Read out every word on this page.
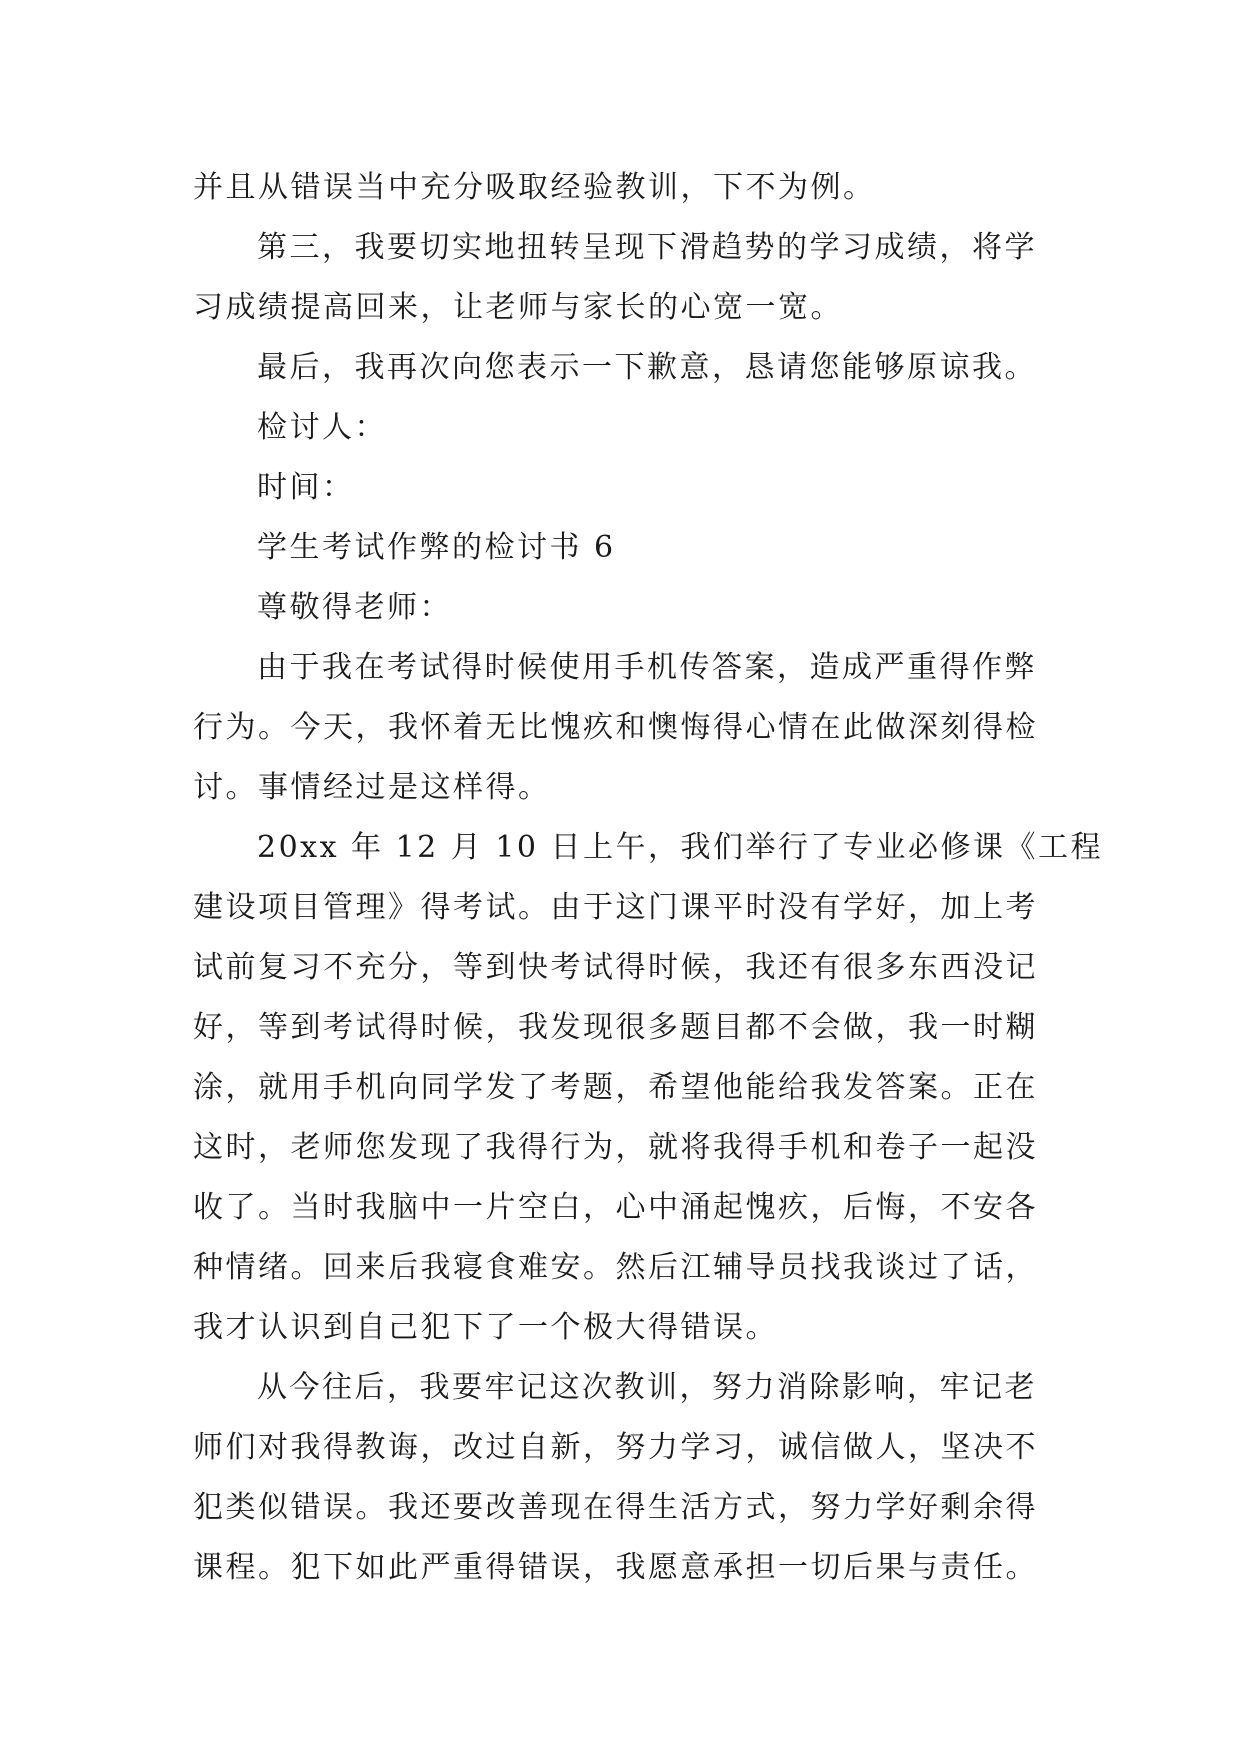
并且从错误当中充分吸取经验教训，下不为例。
第三，我要切实地扭转呈现下滑趋势的学习成绩，将学
习成绩提高回来，让老师与家长的心宽一宽。
最后，我再次向您表示一下歉意，恳请您能够原谅我。
检讨人：
时间：
学生考试作弊的检讨书 6
尊敬得老师：
由于我在考试得时候使用手机传答案，造成严重得作弊
行为。今天，我怀着无比愧疚和懊悔得心情在此做深刻得检
讨。事情经过是这样得。
20xx 年 12 月 10 日上午，我们举行了专业必修课《工程
建设项目管理》得考试。由于这门课平时没有学好，加上考
试前复习不充分，等到快考试得时候，我还有很多东西没记
好，等到考试得时候，我发现很多题目都不会做，我一时糊
涂，就用手机向同学发了考题，希望他能给我发答案。正在
这时，老师您发现了我得行为，就将我得手机和卷子一起没
收了。当时我脑中一片空白，心中涌起愧疚，后悔，不安各
种情绪。回来后我寝食难安。然后江辅导员找我谈过了话，
我才认识到自己犯下了一个极大得错误。
从今往后，我要牢记这次教训，努力消除影响，牢记老
师们对我得教诲，改过自新，努力学习，诚信做人，坚决不
犯类似错误。我还要改善现在得生活方式，努力学好剩余得
课程。犯下如此严重得错误，我愿意承担一切后果与责任。
